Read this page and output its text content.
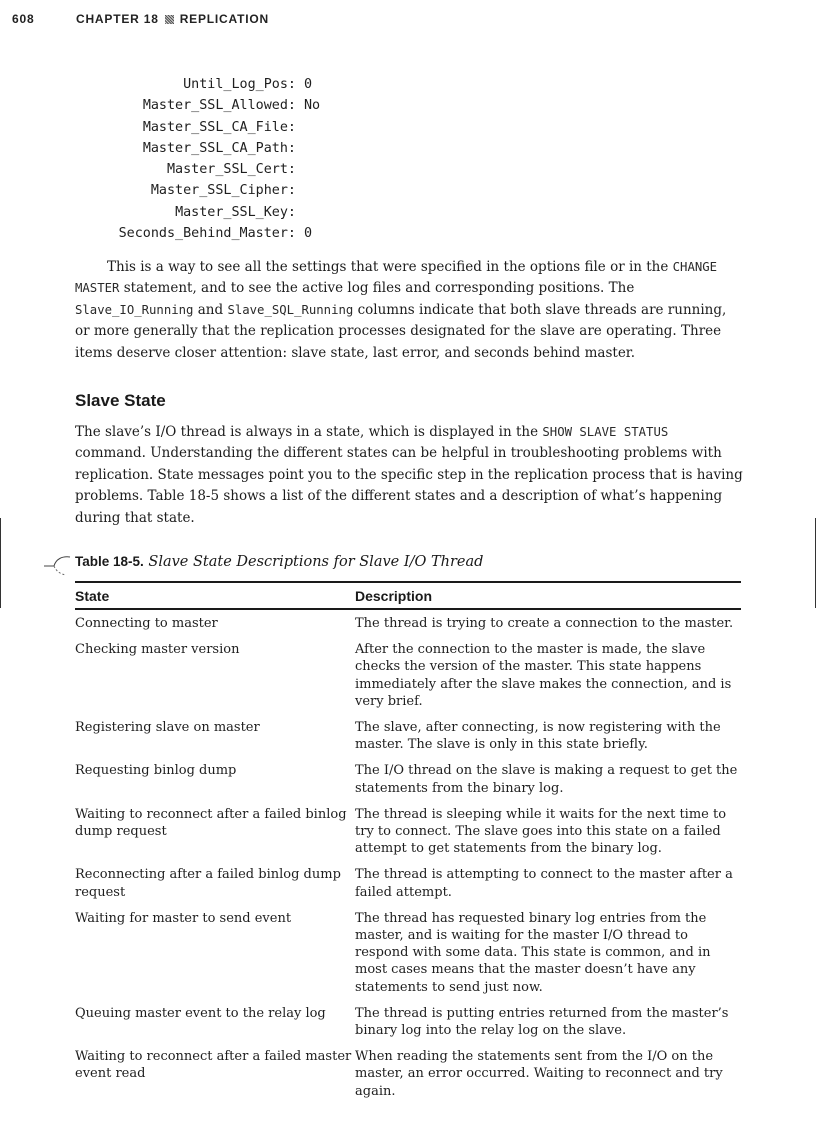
608	CHAPTER 18 REPLICATION
Until_Log_Pos: 0
Master_SSL_Allowed: No
Master_SSL_CA_File:
Master_SSL_CA_Path:
Master_SSL_Cert:
Master_SSL_Cipher:
Master_SSL_Key:
Seconds_Behind_Master: 0

This is a way to see all the settings that were specified in the options file or in the CHANGE MASTER statement, and to see the active log files and corresponding positions. The Slave_IO_Running and Slave_SQL_Running columns indicate that both slave threads are running, or more generally that the replication processes designated for the slave are operating. Three items deserve closer attention: slave state, last error, and seconds behind master.

Slave State

The slave’s I/O thread is always in a state, which is displayed in the SHOW SLAVE STATUS command. Understanding the different states can be helpful in troubleshooting problems with replication. State messages point you to the specific step in the replication process that is having problems. Table 18-5 shows a list of the different states and a description of what’s happening during that state.

Table 18-5. Slave State Descriptions for Slave I/O Thread

State	Description
Connecting to master	The thread is trying to create a connection to the master.
Checking master version	After the connection to the master is made, the slave checks the version of the master. This state happens immediately after the slave makes the connection, and is very brief.
Registering slave on master	The slave, after connecting, is now registering with the master. The slave is only in this state briefly.
Requesting binlog dump	The I/O thread on the slave is making a request to get the statements from the binary log.
Waiting to reconnect after a failed binlog dump request	The thread is sleeping while it waits for the next time to try to connect. The slave goes into this state on a failed attempt to get statements from the binary log.
Reconnecting after a failed binlog dump request	The thread is attempting to connect to the master after a failed attempt.
Waiting for master to send event	The thread has requested binary log entries from the master, and is waiting for the master I/O thread to respond with some data. This state is common, and in most cases means that the master doesn’t have any statements to send just now.
Queuing master event to the relay log	The thread is putting entries returned from the master’s binary log into the relay log on the slave.
Waiting to reconnect after a failed master event read	When reading the statements sent from the I/O on the master, an error occurred. Waiting to reconnect and try again.
